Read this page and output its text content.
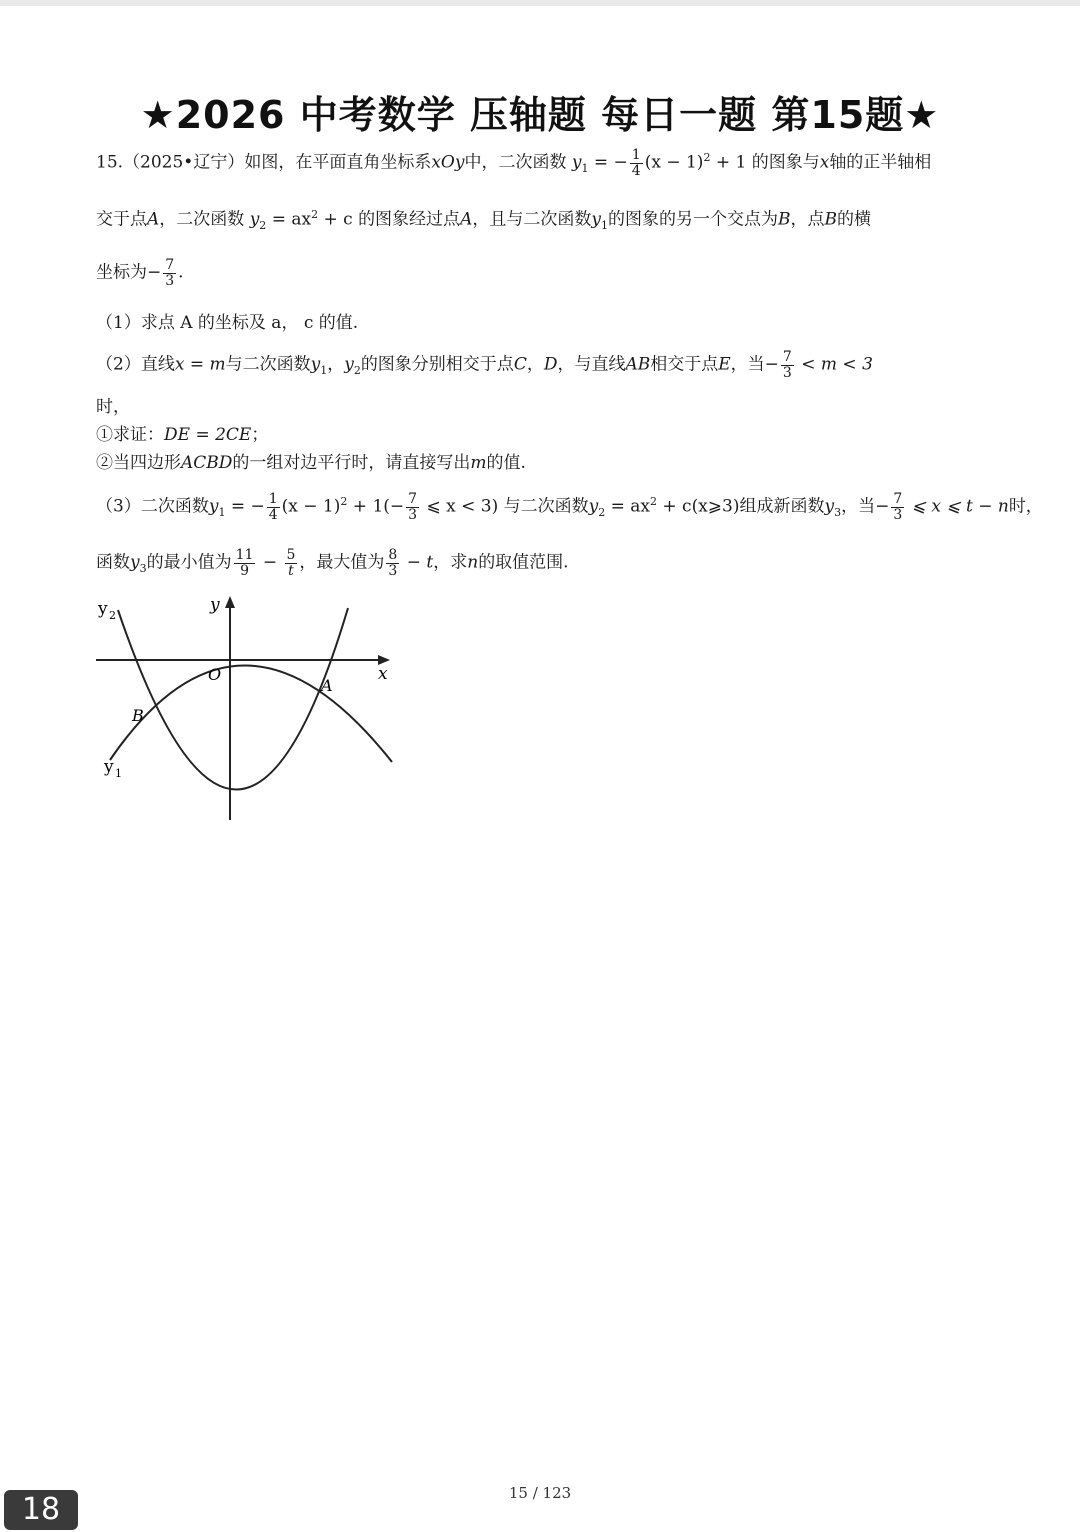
★2026 中考数学 压轴题 每日一题 第15题★
15.（2025•辽宁）如图，在平面直角坐标系xOy中，二次函数 $y_1$ = − $\frac{1}{4} (x - 1)^2 + 1$ 的图象与x轴的正半轴相
交于点A，二次函数 $y_2 = ax^2 + c$ 的图象经过点A，且与二次函数$y_1$的图象的另一个交点为B，点B的横
坐标为− $\frac{7}{3}$ .
（1）求点 A 的坐标及 a， c 的值.
（2）直线x = m与二次函数$y_1$，$y_2$的图象分别相交于点C，D，与直线AB相交于点E，当− $\frac{7}{3} < m < 3$
时，
①求证：DE = 2CE；
②当四边形ACBD的一组对边平行时，请直接写出m的值.
（3）二次函数$y_1$ = − $\frac{1}{4} (x - 1)^2 + 1(- \frac{7}{3}$ ⩽ x < 3) 与二次函数$y_2 = ax^2$ + c(x⩾3)组成新函数$y_3$，当− $\frac{7}{3}$ ⩽ x ⩽ t − n时，
函数$y_3$的最小值为 $\frac{11}{9} - \frac{5}{t}$ ，最大值为 $\frac{8}{3} - t$，求n的取值范围.
y 2
y
x
O
A
B
y 1
15 / 123
18
